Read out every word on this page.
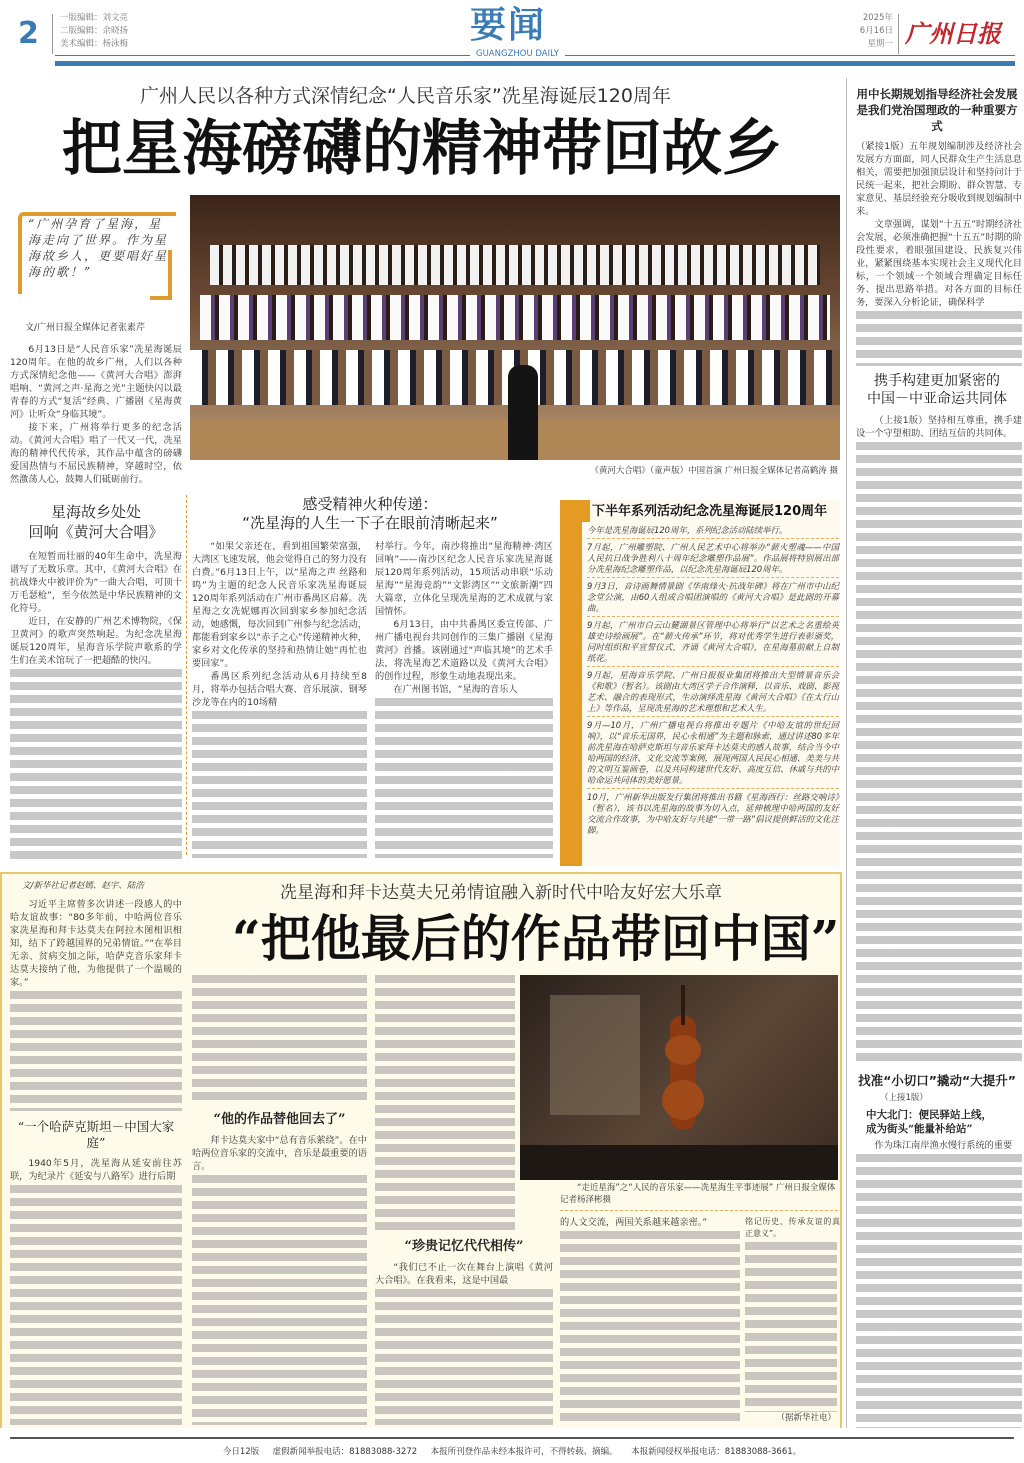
2 一版编辑：刘文亮
二版编辑：余晓扬
美术编辑：杨泳梅	要闻
GUANGZHOU DAILY
2025年
6月16日
星期一 广州日报
广州人民以各种方式深情纪念“人民音乐家”冼星海诞辰120周年
把星海磅礴的精神带回故乡
“广州孕育了星海，星海走向了世界。作为星海故乡人，更要唱好星海的歌！”
文/广州日报全媒体记者张素芹

6月13日是“人民音乐家”冼星海诞辰120周年。在他的故乡广州，人们以各种方式深情纪念他——《黄河大合唱》澎湃唱响、“黄河之声·星海之光”主题快闪以最青春的方式“复活”经典、广播剧《星海黄河》让听众“身临其境”。

接下来，广州将举行更多的纪念活动。《黄河大合唱》唱了一代又一代，冼星海的精神代代传承，其作品中蕴含的磅礴爱国热情与不屈民族精神，穿越时空，依然激荡人心，鼓舞人们砥砺前行。

星海故乡处处
回响《黄河大合唱》

在短暂而壮丽的40年生命中，冼星海谱写了无数乐章。其中，《黄河大合唱》在抗战烽火中被评价为“一曲大合唱，可顶十万毛瑟枪”，至今依然是中华民族精神的文化符号。

近日，在安静的广州艺术博物院，《保卫黄河》的歌声突然响起。为纪念冼星海诞辰120周年，星海音乐学院声歌系的学生们在美术馆玩了一把超酷的快闪。

《黄河大合唱》（童声版）中国首演 广州日报全媒体记者高鹤涛 摄
感受精神火种传递：
“冼星海的人生一下子在眼前清晰起来”

“如果父亲还在，看到祖国繁荣富强，大湾区飞速发展，他会觉得自己的努力没有白费。”6月13日上午，以“星海之声 丝路和鸣”为主题的纪念人民音乐家冼星海诞辰120周年系列活动在广州市番禺区启幕。冼星海之女冼妮娜再次回到家乡参加纪念活动，她感慨，每次回到广州参与纪念活动，都能看到家乡以“赤子之心”传递精神火种，家乡对文化传承的坚持和热情让她“再忙也要回家”。

番禺区系列纪念活动从6月持续至8月，将举办包括合唱大赛、音乐展演、钢琴沙龙等在内的10场精

村举行。今年，南沙将推出“星海精神·湾区回响”——南沙区纪念人民音乐家冼星海诞辰120周年系列活动，15项活动串联“乐动星海”“星海竞韵”“文影湾区”“文旅新潮”四大篇章，立体化呈现冼星海的艺术成就与家国情怀。

6月13日，由中共番禺区委宣传部、广州广播电视台共同创作的三集广播剧《星海黄河》首播。该剧通过“声临其境”的艺术手法，将冼星海艺术道路以及《黄河大合唱》的创作过程，形象生动地表现出来。

在广州图书馆，“星海的音乐人

下半年系列活动纪念冼星海诞辰120周年
今年是冼星海诞辰120周年，系列纪念活动陆续举行。
7月起，广州雕塑院、广州人民艺术中心将举办“薪火塑魂——中国人民抗日战争胜利八十周年纪念雕塑作品展”。作品展将特别展出部分冼星海纪念雕塑作品，以纪念冼星海诞辰120周年。
9月3日，音诗画舞情景剧《华南烽火·抗战年碑》将在广州市中山纪念堂公演，由60人组成合唱团演唱的《黄河大合唱》是此剧的开幕曲。
9月起，广州市白云山麓湖景区管理中心将举行“以艺术之名重绘英雄史诗绘画展”。在“薪火传承”环节，将对优秀学生进行表彰颁奖，同时组织和平宣誓仪式，齐诵《黄河大合唱》，在星海墓前献上自制纸花。
9月起，星海音乐学院、广州日报报业集团将推出大型情景音乐会《和歌》（暂名）。该剧由大湾区学子合作演释，以音乐、戏剧、影视艺术、融合的表现形式，生动演绎冼星海《黄河大合唱》《在太行山上》等作品，呈现冼星海的艺术理想和艺术人生。
9月—10月，广州广播电视台将推出专题片《中哈友谊的世纪回响》，以“音乐无国界，民心永相通”为主题和脉索，通过讲述80多年前冼星海在哈萨克斯坦与音乐家拜卡达莫夫的感人故事，结合当今中哈两国的经济、文化交流等案例，展现两国人民民心相通、美美与共的文明互鉴画卷，以及共同构建世代友好、高度互信、休戚与共的中哈命运共同体的美好愿景。
10月，广州新华出版发行集团将推出书籍《星海西行：丝路交响诗》（暂名），该书以冼星海的故事为切入点，延伸梳理中哈两国的友好交流合作故事，为中哈友好与共建“一带一路”倡议提供鲜活的文化注脚。
文/新华社记者赵嫣、赵宇、陆浩

习近平主席曾多次讲述一段感人的中哈友谊故事：“80多年前，中哈两位音乐家冼星海和拜卡达莫夫在阿拉木图相识相知，结下了跨越国界的兄弟情谊。”“在举目无亲、贫病交加之际，哈萨克音乐家拜卡达莫夫接纳了他，为他提供了一个温暖的家。”

“一个哈萨克斯坦－中国大家庭”

1940年5月，冼星海从延安前往苏联，为纪录片《延安与八路军》进行后期

冼星海和拜卡达莫夫兄弟情谊融入新时代中哈友好宏大乐章
“把他最后的作品带回中国”
“他的作品替他回去了”

拜卡达莫夫家中“总有音乐萦绕”。在中哈两位音乐家的交流中，音乐是最重要的语言。

“珍贵记忆代代相传”

“我们已不止一次在舞台上演唱《黄河大合唱》。在我看来，这是中国最

“走近星海”之“人民的音乐家——冼星海生平事迹展” 广州日报全媒体记者杨泽彬摄
的人文交流，两国关系越来越亲密。”	铭记历史、传承友谊的真正意义”。
（据新华社电）
用中长期规划指导经济社会发展
是我们党治国理政的一种重要方式

（紧接1版）五年规划编制涉及经济社会发展方方面面，同人民群众生产生活息息相关，需要把加强顶层设计和坚持问计于民统一起来，把社会期盼、群众智慧、专家意见、基层经验充分吸收到规划编制中来。

文章强调，谋划“十五五”时期经济社会发展，必须准确把握“十五五”时期的阶段性要求，着眼强国建设、民族复兴伟业，紧紧围绕基本实现社会主义现代化目标，一个领域一个领域合理确定目标任务、提出思路举措。对各方面的目标任务，要深入分析论证，确保科学

携手构建更加紧密的
中国－中亚命运共同体

（上接1版）坚持相互尊重，携手建设一个守望相助、团结互信的共同体。

找准“小切口”撬动“大提升”
（上接1版）
中大北门：便民驿站上线，
成为街头“能量补给站”

作为珠江南岸渔水慢行系统的重要

今日12版 虚假新闻举报电话：81883088-3272 本报所刊登作品未经本报许可，不得转载、摘编。 本报新闻侵权举报电话：81883088-3661。
